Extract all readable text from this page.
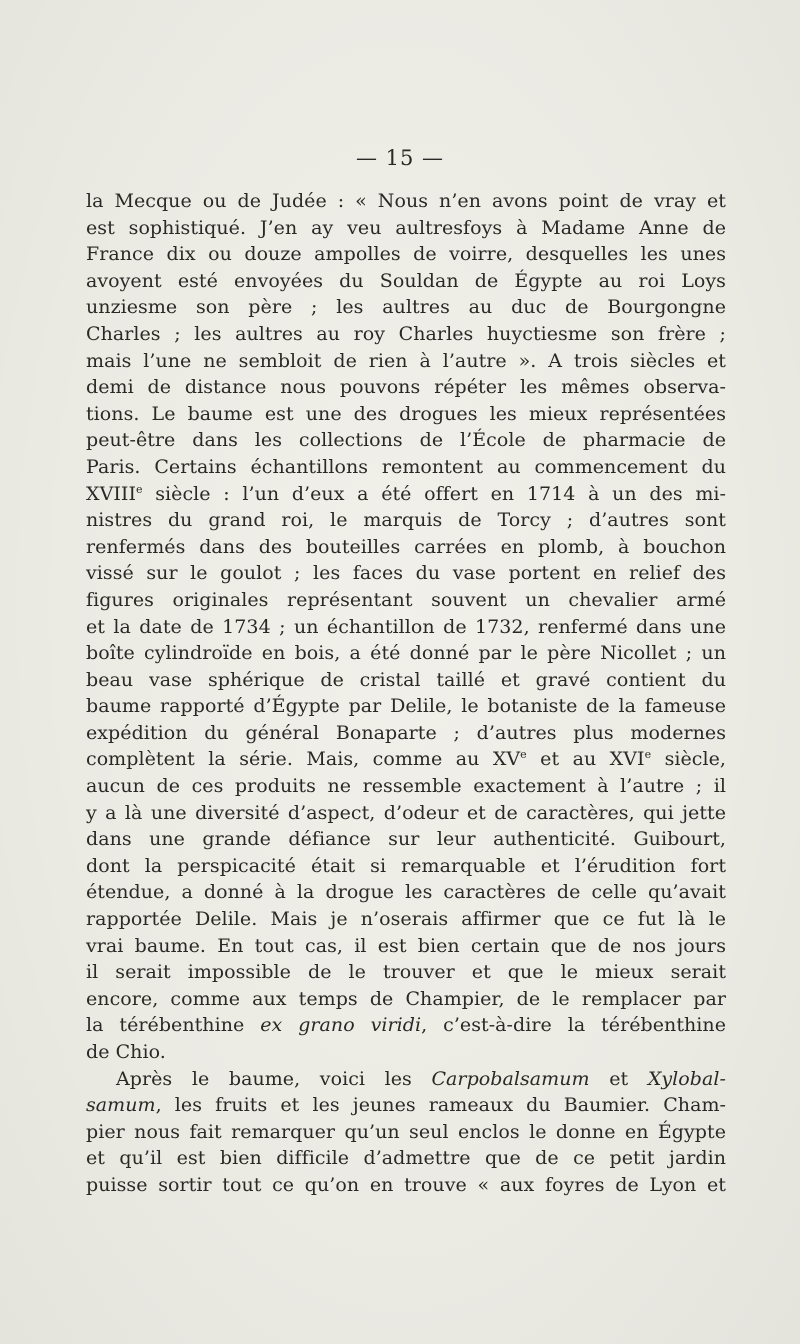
— 15 —
la Mecque ou de Judée : « Nous n’en avons point de vray et
est sophistiqué. J’en ay veu aultresfoys à Madame Anne de
France dix ou douze ampolles de voirre, desquelles les unes
avoyent esté envoyées du Souldan de Égypte au roi Loys
unziesme son père ; les aultres au duc de Bourgongne
Charles ; les aultres au roy Charles huyctiesme son frère ;
mais l’une ne sembloit de rien à l’autre ». A trois siècles et
demi de distance nous pouvons répéter les mêmes observa-
tions. Le baume est une des drogues les mieux représentées
peut-être dans les collections de l’École de pharmacie de
Paris. Certains échantillons remontent au commencement du
XVIIIe siècle : l’un d’eux a été offert en 1714 à un des mi-
nistres du grand roi, le marquis de Torcy ; d’autres sont
renfermés dans des bouteilles carrées en plomb, à bouchon
vissé sur le goulot ; les faces du vase portent en relief des
figures originales représentant souvent un chevalier armé
et la date de 1734 ; un échantillon de 1732, renfermé dans une
boîte cylindroïde en bois, a été donné par le père Nicollet ; un
beau vase sphérique de cristal taillé et gravé contient du
baume rapporté d’Égypte par Delile, le botaniste de la fameuse
expédition du général Bonaparte ; d’autres plus modernes
complètent la série. Mais, comme au XVe et au XVIe siècle,
aucun de ces produits ne ressemble exactement à l’autre ; il
y a là une diversité d’aspect, d’odeur et de caractères, qui jette
dans une grande défiance sur leur authenticité. Guibourt,
dont la perspicacité était si remarquable et l’érudition fort
étendue, a donné à la drogue les caractères de celle qu’avait
rapportée Delile. Mais je n’oserais affirmer que ce fut là le
vrai baume. En tout cas, il est bien certain que de nos jours
il serait impossible de le trouver et que le mieux serait
encore, comme aux temps de Champier, de le remplacer par
la térébenthine ex grano viridi, c’est-à-dire la térébenthine
de Chio.
Après le baume, voici les Carpobalsamum et Xylobal-
samum, les fruits et les jeunes rameaux du Baumier. Cham-
pier nous fait remarquer qu’un seul enclos le donne en Égypte
et qu’il est bien difficile d’admettre que de ce petit jardin
puisse sortir tout ce qu’on en trouve « aux foyres de Lyon et
